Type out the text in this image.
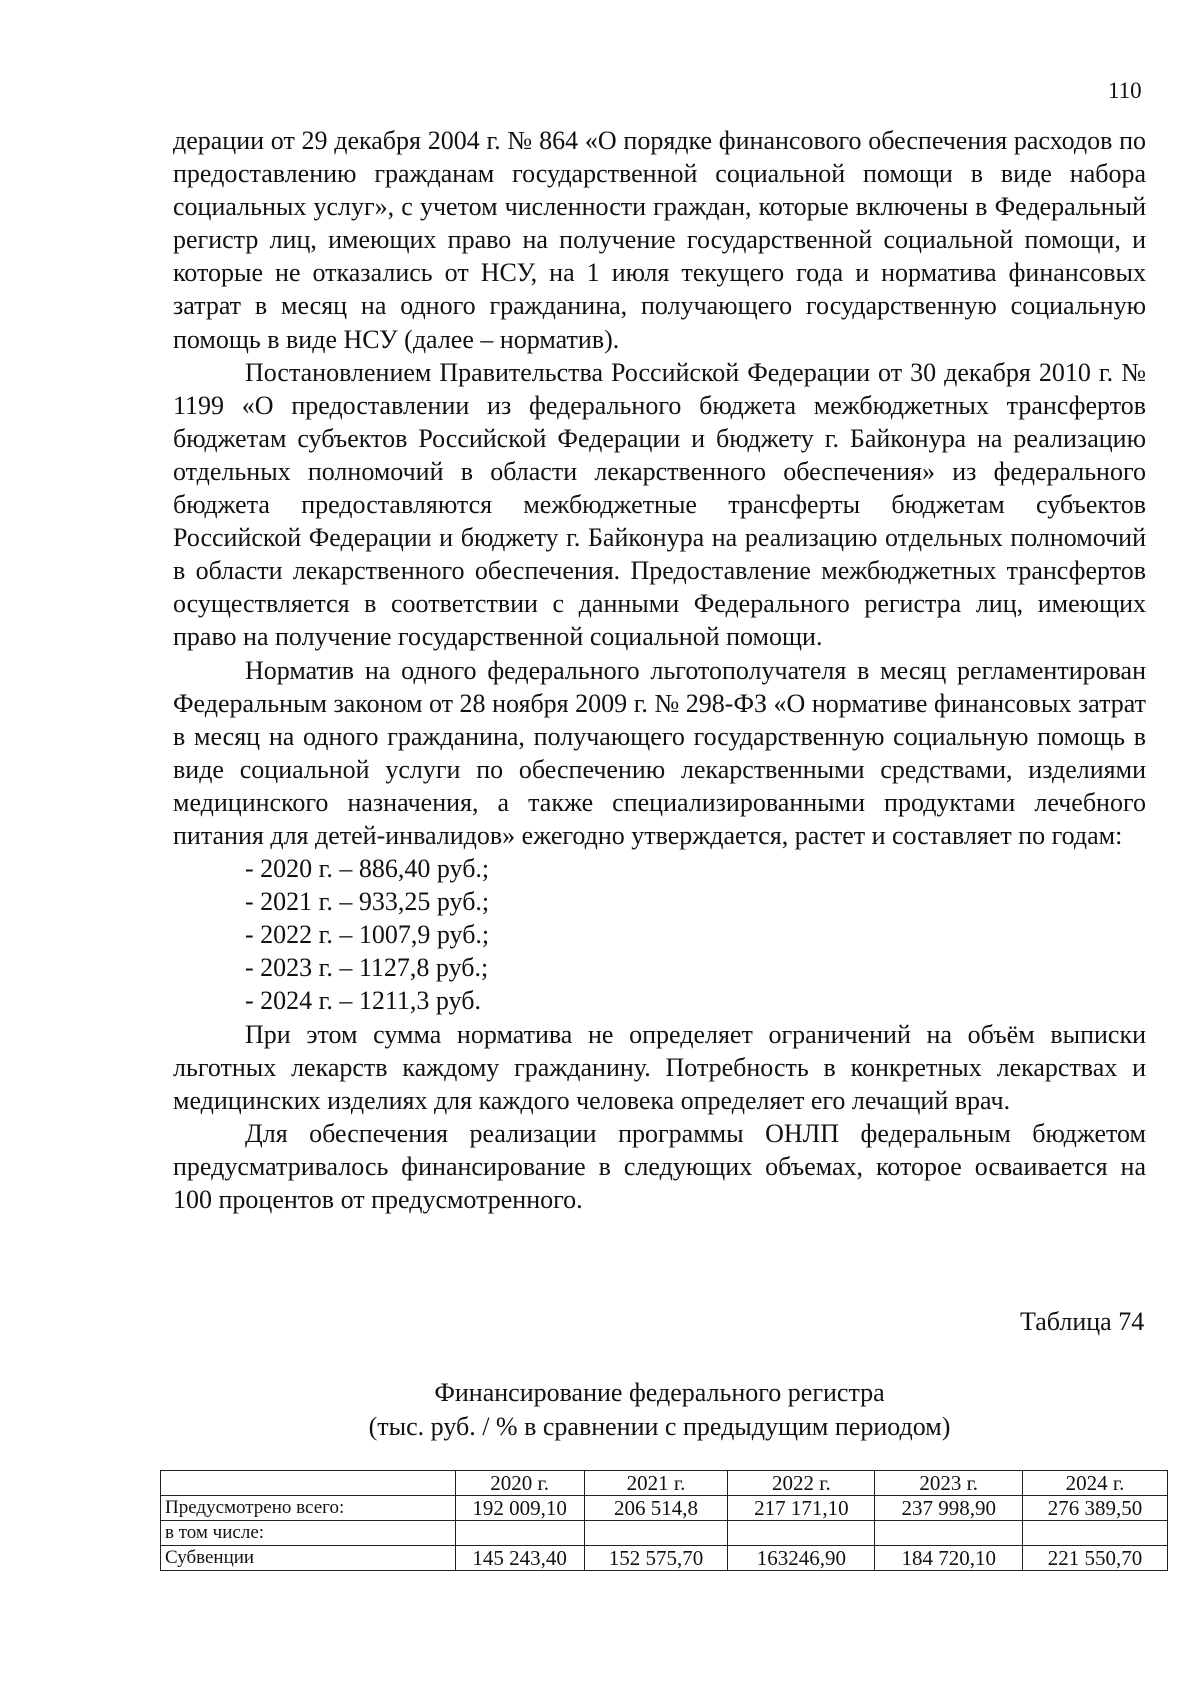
110

дерации от 29 декабря 2004 г. № 864 «О порядке финансового обеспечения расходов по предоставлению гражданам государственной социальной помощи в виде набора социальных услуг», с учетом численности граждан, которые включены в Федеральный регистр лиц, имеющих право на получение государственной социальной помощи, и которые не отказались от НСУ, на 1 июля текущего года и норматива финансовых затрат в месяц на одного гражданина, получающего государственную социальную помощь в виде НСУ (далее – норматив).

Постановлением Правительства Российской Федерации от 30 декабря 2010 г. № 1199 «О предоставлении из федерального бюджета межбюджетных трансфертов бюджетам субъектов Российской Федерации и бюджету г. Байконура на реализацию отдельных полномочий в области лекарственного обеспечения» из федерального бюджета предоставляются межбюджетные трансферты бюджетам субъектов Российской Федерации и бюджету г. Байконура на реализацию отдельных полномочий в области лекарственного обеспечения. Предоставление межбюджетных трансфертов осуществляется в соответствии с данными Федерального регистра лиц, имеющих право на получение государственной социальной помощи.

Норматив на одного федерального льготополучателя в месяц регламентирован Федеральным законом от 28 ноября 2009 г. № 298-ФЗ «О нормативе финансовых затрат в месяц на одного гражданина, получающего государственную социальную помощь в виде социальной услуги по обеспечению лекарственными средствами, изделиями медицинского назначения, а также специализированными продуктами лечебного питания для детей-инвалидов» ежегодно утверждается, растет и составляет по годам:

- 2020 г. – 886,40 руб.;
- 2021 г. – 933,25 руб.;
- 2022 г. – 1007,9 руб.;
- 2023 г. – 1127,8 руб.;
- 2024 г. – 1211,3 руб.

При этом сумма норматива не определяет ограничений на объём выписки льготных лекарств каждому гражданину. Потребность в конкретных лекарствах и медицинских изделиях для каждого человека определяет его лечащий врач.

Для обеспечения реализации программы ОНЛП федеральным бюджетом предусматривалось финансирование в следующих объемах, которое осваивается на 100 процентов от предусмотренного.

Таблица 74
Финансирование федерального регистра
(тыс. руб. / % в сравнении с предыдущим периодом)
	2020 г.	2021 г.	2022 г.	2023 г.	2024 г.
Предусмотрено всего:	192 009,10	206 514,8	217 171,10	237 998,90	276 389,50
в том числе:					
Субвенции	145 243,40	152 575,70	163246,90	184 720,10	221 550,70
